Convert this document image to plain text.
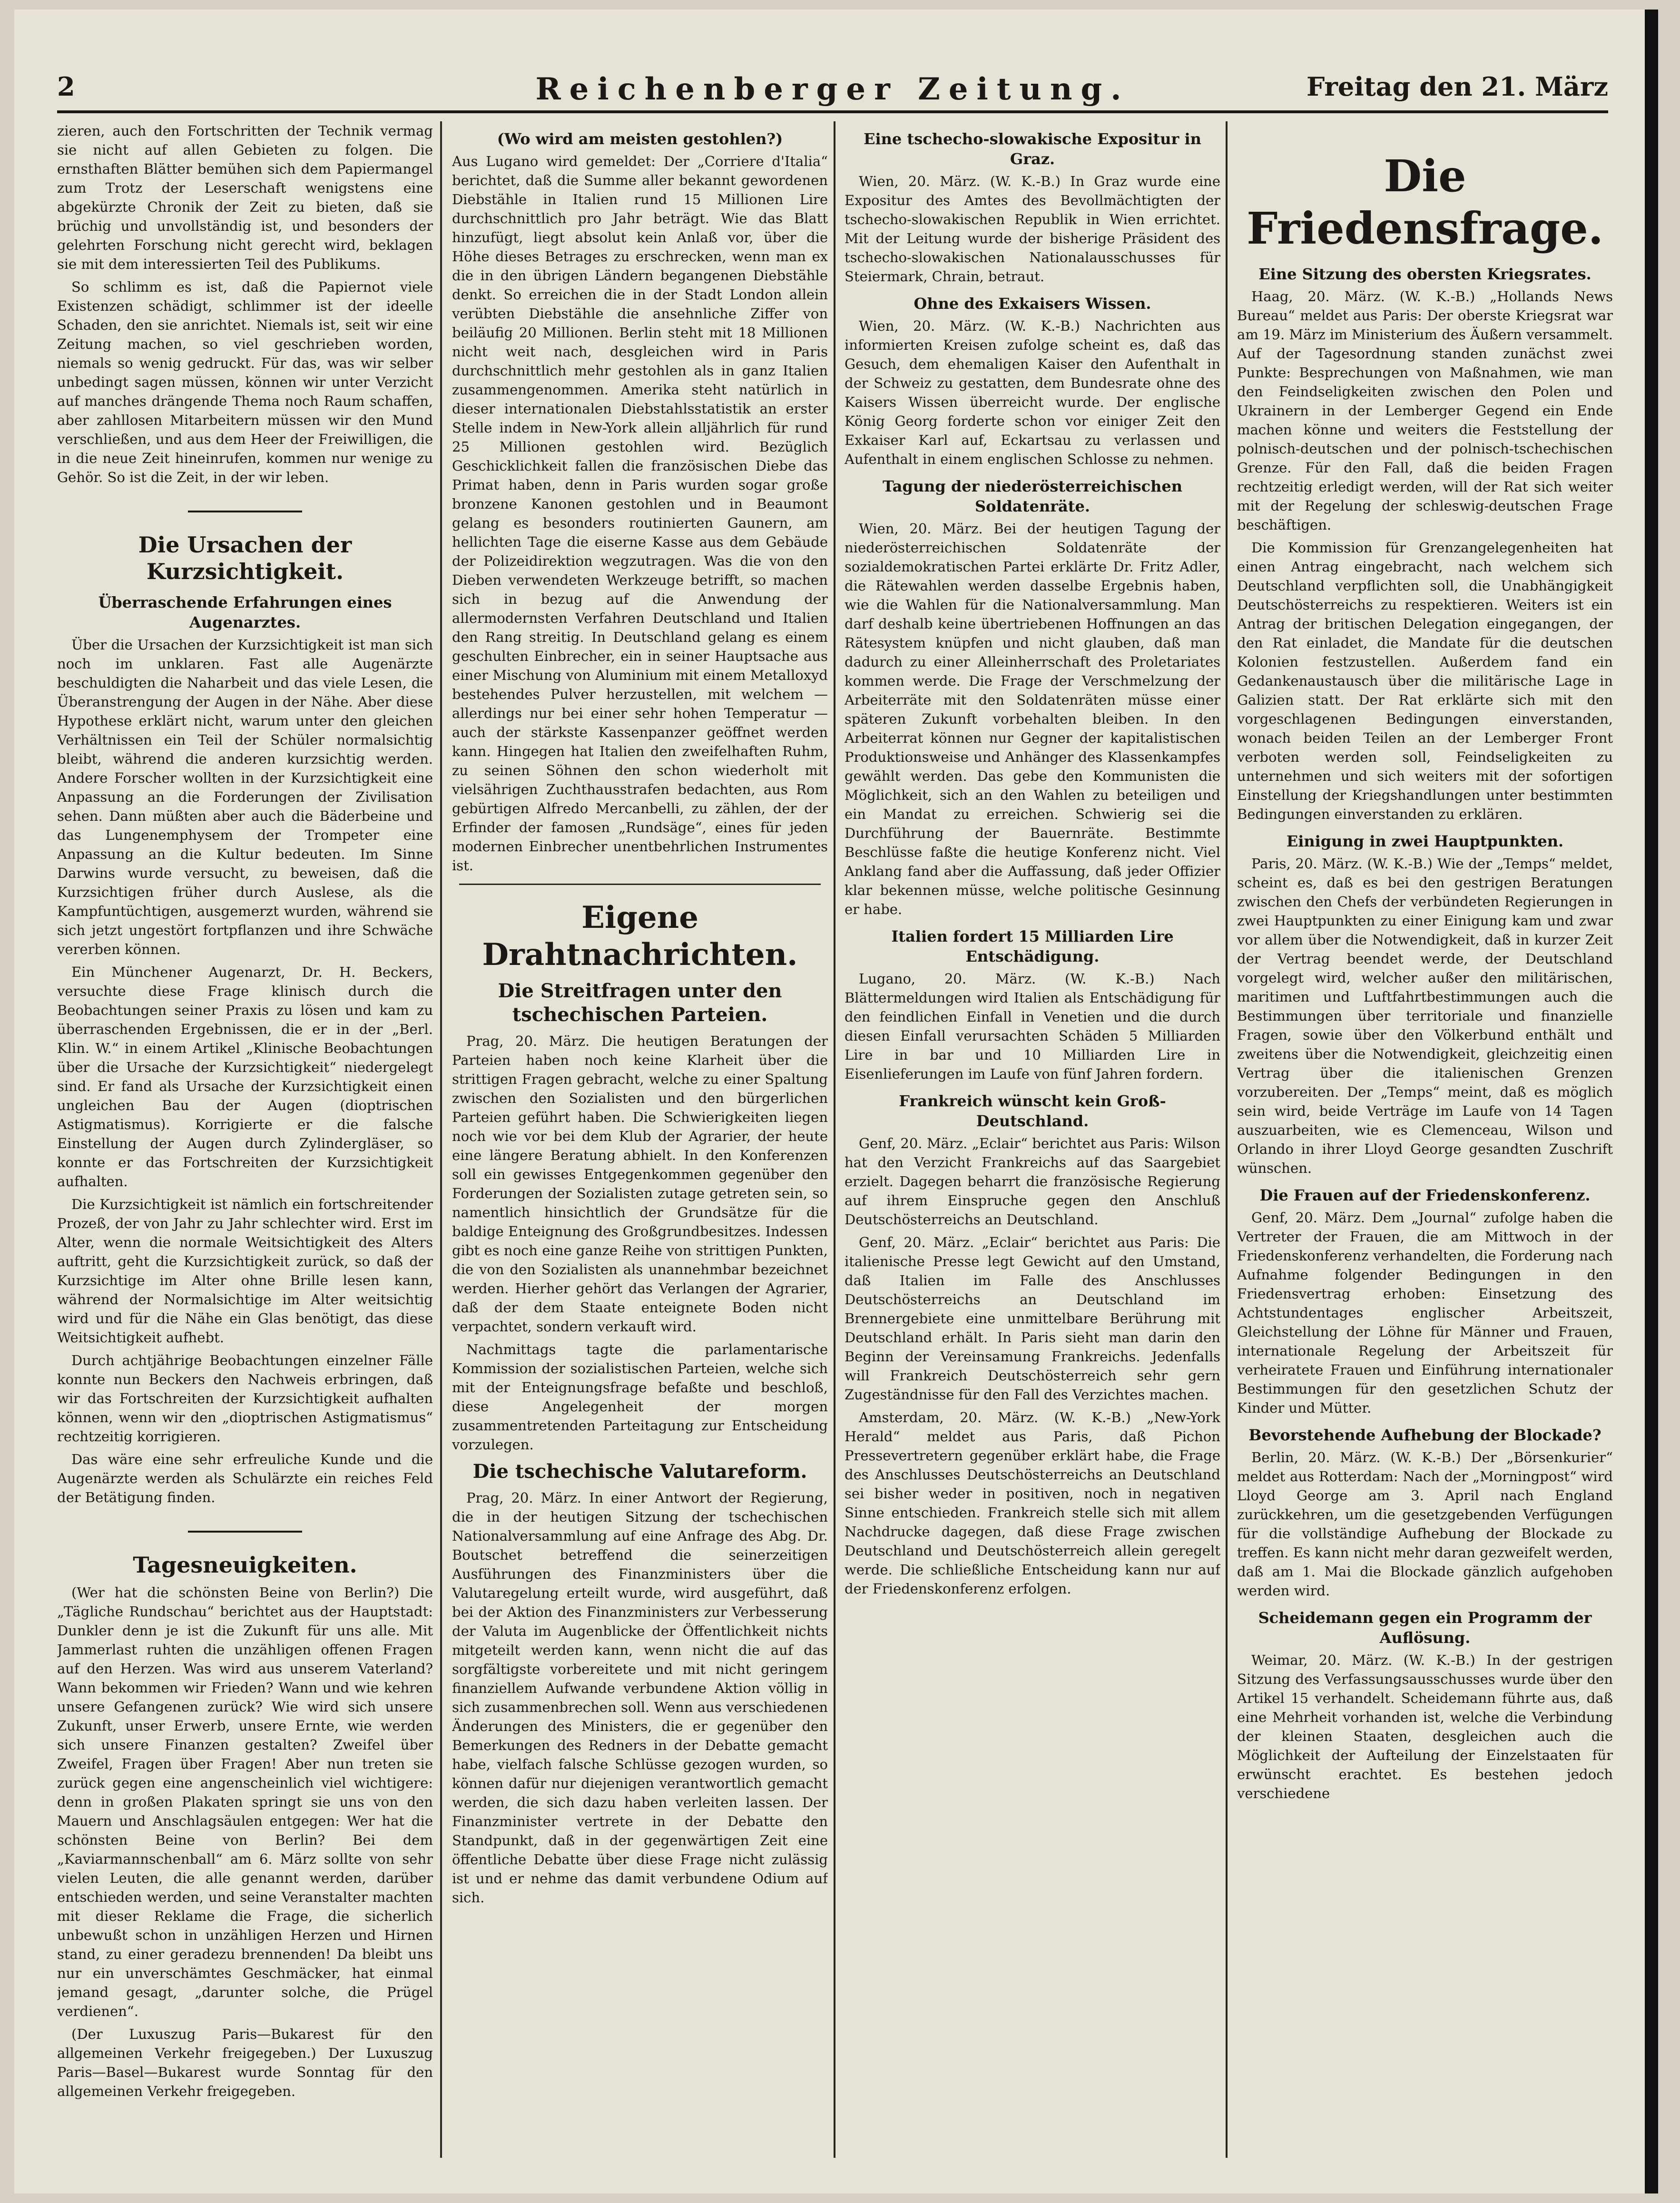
2	Reichenberger Zeitung.	Freitag den 21. März

zieren, auch den Fortschritten der Technik vermag sie nicht auf allen Gebieten zu folgen. Die ernsthaften Blätter bemühen sich dem Papiermangel zum Trotz der Leserschaft wenigstens eine abgekürzte Chronik der Zeit zu bieten, daß sie brüchig und unvollständig ist, und besonders der gelehrten Forschung nicht gerecht wird, beklagen sie mit dem interessierten Teil des Publikums.

So schlimm es ist, daß die Papiernot viele Existenzen schädigt, schlimmer ist der ideelle Schaden, den sie anrichtet. Niemals ist, seit wir eine Zeitung machen, so viel geschrieben worden, niemals so wenig gedruckt. Für das, was wir selber unbedingt sagen müssen, können wir unter Verzicht auf manches drängende Thema noch Raum schaffen, aber zahllosen Mitarbeitern müssen wir den Mund verschließen, und aus dem Heer der Freiwilligen, die in die neue Zeit hineinrufen, kommen nur wenige zu Gehör. So ist die Zeit, in der wir leben.

Die Ursachen der Kurzsichtigkeit.
Überraschende Erfahrungen eines Augenarztes.

Über die Ursachen der Kurzsichtigkeit ist man sich noch im unklaren. Fast alle Augenärzte beschuldigten die Naharbeit und das viele Lesen, die Überanstrengung der Augen in der Nähe. Aber diese Hypothese erklärt nicht, warum unter den gleichen Verhältnissen ein Teil der Schüler normalsichtig bleibt, während die anderen kurzsichtig werden. Andere Forscher wollten in der Kurzsichtigkeit eine Anpassung an die Forderungen der Zivilisation sehen. Dann müßten aber auch die Bäderbeine und das Lungenemphysem der Trompeter eine Anpassung an die Kultur bedeuten. Im Sinne Darwins wurde versucht, zu beweisen, daß die Kurzsichtigen früher durch Auslese, als die Kampfuntüchtigen, ausgemerzt wurden, während sie sich jetzt ungestört fortpflanzen und ihre Schwäche vererben können.

Ein Münchener Augenarzt, Dr. H. Beckers, versuchte diese Frage klinisch durch die Beobachtungen seiner Praxis zu lösen und kam zu überraschenden Ergebnissen, die er in der „Berl. Klin. W.“ in einem Artikel „Klinische Beobachtungen über die Ursache der Kurzsichtigkeit“ niedergelegt sind. Er fand als Ursache der Kurzsichtigkeit einen ungleichen Bau der Augen (dioptrischen Astigmatismus). Korrigierte er die falsche Einstellung der Augen durch Zylindergläser, so konnte er das Fortschreiten der Kurzsichtigkeit aufhalten.

Die Kurzsichtigkeit ist nämlich ein fortschreitender Prozeß, der von Jahr zu Jahr schlechter wird. Erst im Alter, wenn die normale Weitsichtigkeit des Alters auftritt, geht die Kurzsichtigkeit zurück, so daß der Kurzsichtige im Alter ohne Brille lesen kann, während der Normalsichtige im Alter weitsichtig wird und für die Nähe ein Glas benötigt, das diese Weitsichtigkeit aufhebt.

Durch achtjährige Beobachtungen einzelner Fälle konnte nun Beckers den Nachweis erbringen, daß wir das Fortschreiten der Kurzsichtigkeit aufhalten können, wenn wir den „dioptrischen Astigmatismus“ rechtzeitig korrigieren.

Das wäre eine sehr erfreuliche Kunde und die Augenärzte werden als Schulärzte ein reiches Feld der Betätigung finden.

Tagesneuigkeiten.

(Wer hat die schönsten Beine von Berlin?) Die „Tägliche Rundschau“ berichtet aus der Hauptstadt: Dunkler denn je ist die Zukunft für uns alle. Mit Jammerlast ruhten die unzähligen offenen Fragen auf den Herzen. Was wird aus unserem Vaterland? Wann bekommen wir Frieden? Wann und wie kehren unsere Gefangenen zurück? Wie wird sich unsere Zukunft, unser Erwerb, unsere Ernte, wie werden sich unsere Finanzen gestalten? Zweifel über Zweifel, Fragen über Fragen! Aber nun treten sie zurück gegen eine angenscheinlich viel wichtigere: denn in großen Plakaten springt sie uns von den Mauern und Anschlagsäulen entgegen: Wer hat die schönsten Beine von Berlin? Bei dem „Kaviarmannschenball“ am 6. März sollte von sehr vielen Leuten, die alle genannt werden, darüber entschieden werden, und seine Veranstalter machten mit dieser Reklame die Frage, die sicherlich unbewußt schon in unzähligen Herzen und Hirnen stand, zu einer geradezu brennenden! Da bleibt uns nur ein unverschämtes Geschmäcker, hat einmal jemand gesagt, „darunter solche, die Prügel verdienen“.

(Der Luxuszug Paris—Bukarest für den allgemeinen Verkehr freigegeben.) Der Luxuszug Paris—Basel—Bukarest wurde Sonntag für den allgemeinen Verkehr freigegeben.

(Wo wird am meisten gestohlen?)

Aus Lugano wird gemeldet: Der „Corriere d'Italia“ berichtet, daß die Summe aller bekannt gewordenen Diebstähle in Italien rund 15 Millionen Lire durchschnittlich pro Jahr beträgt. Wie das Blatt hinzufügt, liegt absolut kein Anlaß vor, über die Höhe dieses Betrages zu erschrecken, wenn man ex die in den übrigen Ländern begangenen Diebstähle denkt. So erreichen die in der Stadt London allein verübten Diebstähle die ansehnliche Ziffer von beiläufig 20 Millionen. Berlin steht mit 18 Millionen nicht weit nach, desgleichen wird in Paris durchschnittlich mehr gestohlen als in ganz Italien zusammengenommen. Amerika steht natürlich in dieser internationalen Diebstahlsstatistik an erster Stelle indem in New-York allein alljährlich für rund 25 Millionen gestohlen wird. Bezüglich Geschicklichkeit fallen die französischen Diebe das Primat haben, denn in Paris wurden sogar große bronzene Kanonen gestohlen und in Beaumont gelang es besonders routinierten Gaunern, am hellichten Tage die eiserne Kasse aus dem Gebäude der Polizeidirektion wegzutragen. Was die von den Dieben verwendeten Werkzeuge betrifft, so machen sich in bezug auf die Anwendung der allermodernsten Verfahren Deutschland und Italien den Rang streitig. In Deutschland gelang es einem geschulten Einbrecher, ein in seiner Hauptsache aus einer Mischung von Aluminium mit einem Metalloxyd bestehendes Pulver herzustellen, mit welchem — allerdings nur bei einer sehr hohen Temperatur — auch der stärkste Kassenpanzer geöffnet werden kann. Hingegen hat Italien den zweifelhaften Ruhm, zu seinen Söhnen den schon wiederholt mit vielsährigen Zuchthausstrafen bedachten, aus Rom gebürtigen Alfredo Mercanbelli, zu zählen, der der Erfinder der famosen „Rundsäge“, eines für jeden modernen Einbrecher unentbehrlichen Instrumentes ist.

Eigene Drahtnachrichten.
Die Streitfragen unter den tschechischen Parteien.

Prag, 20. März. Die heutigen Beratungen der Parteien haben noch keine Klarheit über die strittigen Fragen gebracht, welche zu einer Spaltung zwischen den Sozialisten und den bürgerlichen Parteien geführt haben. Die Schwierigkeiten liegen noch wie vor bei dem Klub der Agrarier, der heute eine längere Beratung abhielt. In den Konferenzen soll ein gewisses Entgegenkommen gegenüber den Forderungen der Sozialisten zutage getreten sein, so namentlich hinsichtlich der Grundsätze für die baldige Enteignung des Großgrundbesitzes. Indessen gibt es noch eine ganze Reihe von strittigen Punkten, die von den Sozialisten als unannehmbar bezeichnet werden. Hierher gehört das Verlangen der Agrarier, daß der dem Staate enteignete Boden nicht verpachtet, sondern verkauft wird.

Nachmittags tagte die parlamentarische Kommission der sozialistischen Parteien, welche sich mit der Enteignungsfrage befaßte und beschloß, diese Angelegenheit der morgen zusammentretenden Parteitagung zur Entscheidung vorzulegen.

Die tschechische Valutareform.

Prag, 20. März. In einer Antwort der Regierung, die in der heutigen Sitzung der tschechischen Nationalversammlung auf eine Anfrage des Abg. Dr. Boutschet betreffend die seinerzeitigen Ausführungen des Finanzministers über die Valutaregelung erteilt wurde, wird ausgeführt, daß bei der Aktion des Finanzministers zur Verbesserung der Valuta im Augenblicke der Öffentlichkeit nichts mitgeteilt werden kann, wenn nicht die auf das sorgfältigste vorbereitete und mit nicht geringem finanziellem Aufwande verbundene Aktion völlig in sich zusammenbrechen soll. Wenn aus verschiedenen Änderungen des Ministers, die er gegenüber den Bemerkungen des Redners in der Debatte gemacht habe, vielfach falsche Schlüsse gezogen wurden, so können dafür nur diejenigen verantwortlich gemacht werden, die sich dazu haben verleiten lassen. Der Finanzminister vertrete in der Debatte den Standpunkt, daß in der gegenwärtigen Zeit eine öffentliche Debatte über diese Frage nicht zulässig ist und er nehme das damit verbundene Odium auf sich.

Eine tschecho-slowakische Expositur in Graz.

Wien, 20. März. (W. K.-B.) In Graz wurde eine Expositur des Amtes des Bevollmächtigten der tschecho-slowakischen Republik in Wien errichtet. Mit der Leitung wurde der bisherige Präsident des tschecho-slowakischen Nationalausschusses für Steiermark, Chrain, betraut.

Ohne des Exkaisers Wissen.

Wien, 20. März. (W. K.-B.) Nachrichten aus informierten Kreisen zufolge scheint es, daß das Gesuch, dem ehemaligen Kaiser den Aufenthalt in der Schweiz zu gestatten, dem Bundesrate ohne des Kaisers Wissen überreicht wurde. Der englische König Georg forderte schon vor einiger Zeit den Exkaiser Karl auf, Eckartsau zu verlassen und Aufenthalt in einem englischen Schlosse zu nehmen.

Tagung der niederösterreichischen Soldatenräte.

Wien, 20. März. Bei der heutigen Tagung der niederösterreichischen Soldatenräte der sozialdemokratischen Partei erklärte Dr. Fritz Adler, die Rätewahlen werden dasselbe Ergebnis haben, wie die Wahlen für die Nationalversammlung. Man darf deshalb keine übertriebenen Hoffnungen an das Rätesystem knüpfen und nicht glauben, daß man dadurch zu einer Alleinherrschaft des Proletariates kommen werde. Die Frage der Verschmelzung der Arbeiterräte mit den Soldatenräten müsse einer späteren Zukunft vorbehalten bleiben. In den Arbeiterrat können nur Gegner der kapitalistischen Produktionsweise und Anhänger des Klassenkampfes gewählt werden. Das gebe den Kommunisten die Möglichkeit, sich an den Wahlen zu beteiligen und ein Mandat zu erreichen. Schwierig sei die Durchführung der Bauernräte. Bestimmte Beschlüsse faßte die heutige Konferenz nicht. Viel Anklang fand aber die Auffassung, daß jeder Offizier klar bekennen müsse, welche politische Gesinnung er habe.

Italien fordert 15 Milliarden Lire Entschädigung.

Lugano, 20. März. (W. K.-B.) Nach Blättermeldungen wird Italien als Entschädigung für den feindlichen Einfall in Venetien und die durch diesen Einfall verursachten Schäden 5 Milliarden Lire in bar und 10 Milliarden Lire in Eisenlieferungen im Laufe von fünf Jahren fordern.

Frankreich wünscht kein Groß-Deutschland.

Genf, 20. März. „Eclair“ berichtet aus Paris: Wilson hat den Verzicht Frankreichs auf das Saargebiet erzielt. Dagegen beharrt die französische Regierung auf ihrem Einspruche gegen den Anschluß Deutschösterreichs an Deutschland.

Genf, 20. März. „Eclair“ berichtet aus Paris: Die italienische Presse legt Gewicht auf den Umstand, daß Italien im Falle des Anschlusses Deutschösterreichs an Deutschland im Brennergebiete eine unmittelbare Berührung mit Deutschland erhält. In Paris sieht man darin den Beginn der Vereinsamung Frankreichs. Jedenfalls will Frankreich Deutschösterreich sehr gern Zugeständnisse für den Fall des Verzichtes machen.

Amsterdam, 20. März. (W. K.-B.) „New-York Herald“ meldet aus Paris, daß Pichon Pressevertretern gegenüber erklärt habe, die Frage des Anschlusses Deutschösterreichs an Deutschland sei bisher weder in positiven, noch in negativen Sinne entschieden. Frankreich stelle sich mit allem Nachdrucke dagegen, daß diese Frage zwischen Deutschland und Deutschösterreich allein geregelt werde. Die schließliche Entscheidung kann nur auf der Friedenskonferenz erfolgen.

Die Friedensfrage.
Eine Sitzung des obersten Kriegsrates.

Haag, 20. März. (W. K.-B.) „Hollands News Bureau“ meldet aus Paris: Der oberste Kriegsrat war am 19. März im Ministerium des Äußern versammelt. Auf der Tagesordnung standen zunächst zwei Punkte: Besprechungen von Maßnahmen, wie man den Feindseligkeiten zwischen den Polen und Ukrainern in der Lemberger Gegend ein Ende machen könne und weiters die Feststellung der polnisch-deutschen und der polnisch-tschechischen Grenze. Für den Fall, daß die beiden Fragen rechtzeitig erledigt werden, will der Rat sich weiter mit der Regelung der schleswig-deutschen Frage beschäftigen.

Die Kommission für Grenzangelegenheiten hat einen Antrag eingebracht, nach welchem sich Deutschland verpflichten soll, die Unabhängigkeit Deutschösterreichs zu respektieren. Weiters ist ein Antrag der britischen Delegation eingegangen, der den Rat einladet, die Mandate für die deutschen Kolonien festzustellen. Außerdem fand ein Gedankenaustausch über die militärische Lage in Galizien statt. Der Rat erklärte sich mit den vorgeschlagenen Bedingungen einverstanden, wonach beiden Teilen an der Lemberger Front verboten werden soll, Feindseligkeiten zu unternehmen und sich weiters mit der sofortigen Einstellung der Kriegshandlungen unter bestimmten Bedingungen einverstanden zu erklären.

Einigung in zwei Hauptpunkten.

Paris, 20. März. (W. K.-B.) Wie der „Temps“ meldet, scheint es, daß es bei den gestrigen Beratungen zwischen den Chefs der verbündeten Regierungen in zwei Hauptpunkten zu einer Einigung kam und zwar vor allem über die Notwendigkeit, daß in kurzer Zeit der Vertrag beendet werde, der Deutschland vorgelegt wird, welcher außer den militärischen, maritimen und Luftfahrtbestimmungen auch die Bestimmungen über territoriale und finanzielle Fragen, sowie über den Völkerbund enthält und zweitens über die Notwendigkeit, gleichzeitig einen Vertrag über die italienischen Grenzen vorzubereiten. Der „Temps“ meint, daß es möglich sein wird, beide Verträge im Laufe von 14 Tagen auszuarbeiten, wie es Clemenceau, Wilson und Orlando in ihrer Lloyd George gesandten Zuschrift wünschen.

Die Frauen auf der Friedenskonferenz.

Genf, 20. März. Dem „Journal“ zufolge haben die Vertreter der Frauen, die am Mittwoch in der Friedenskonferenz verhandelten, die Forderung nach Aufnahme folgender Bedingungen in den Friedensvertrag erhoben: Einsetzung des Achtstundentages englischer Arbeitszeit, Gleichstellung der Löhne für Männer und Frauen, internationale Regelung der Arbeitszeit für verheiratete Frauen und Einführung internationaler Bestimmungen für den gesetzlichen Schutz der Kinder und Mütter.

Bevorstehende Aufhebung der Blockade?

Berlin, 20. März. (W. K.-B.) Der „Börsenkurier“ meldet aus Rotterdam: Nach der „Morningpost“ wird Lloyd George am 3. April nach England zurückkehren, um die gesetzgebenden Verfügungen für die vollständige Aufhebung der Blockade zu treffen. Es kann nicht mehr daran gezweifelt werden, daß am 1. Mai die Blockade gänzlich aufgehoben werden wird.

Scheidemann gegen ein Programm der Auflösung.

Weimar, 20. März. (W. K.-B.) In der gestrigen Sitzung des Verfassungsausschusses wurde über den Artikel 15 verhandelt. Scheidemann führte aus, daß eine Mehrheit vorhanden ist, welche die Verbindung der kleinen Staaten, desgleichen auch die Möglichkeit der Aufteilung der Einzelstaaten für erwünscht erachtet. Es bestehen jedoch verschiedene
